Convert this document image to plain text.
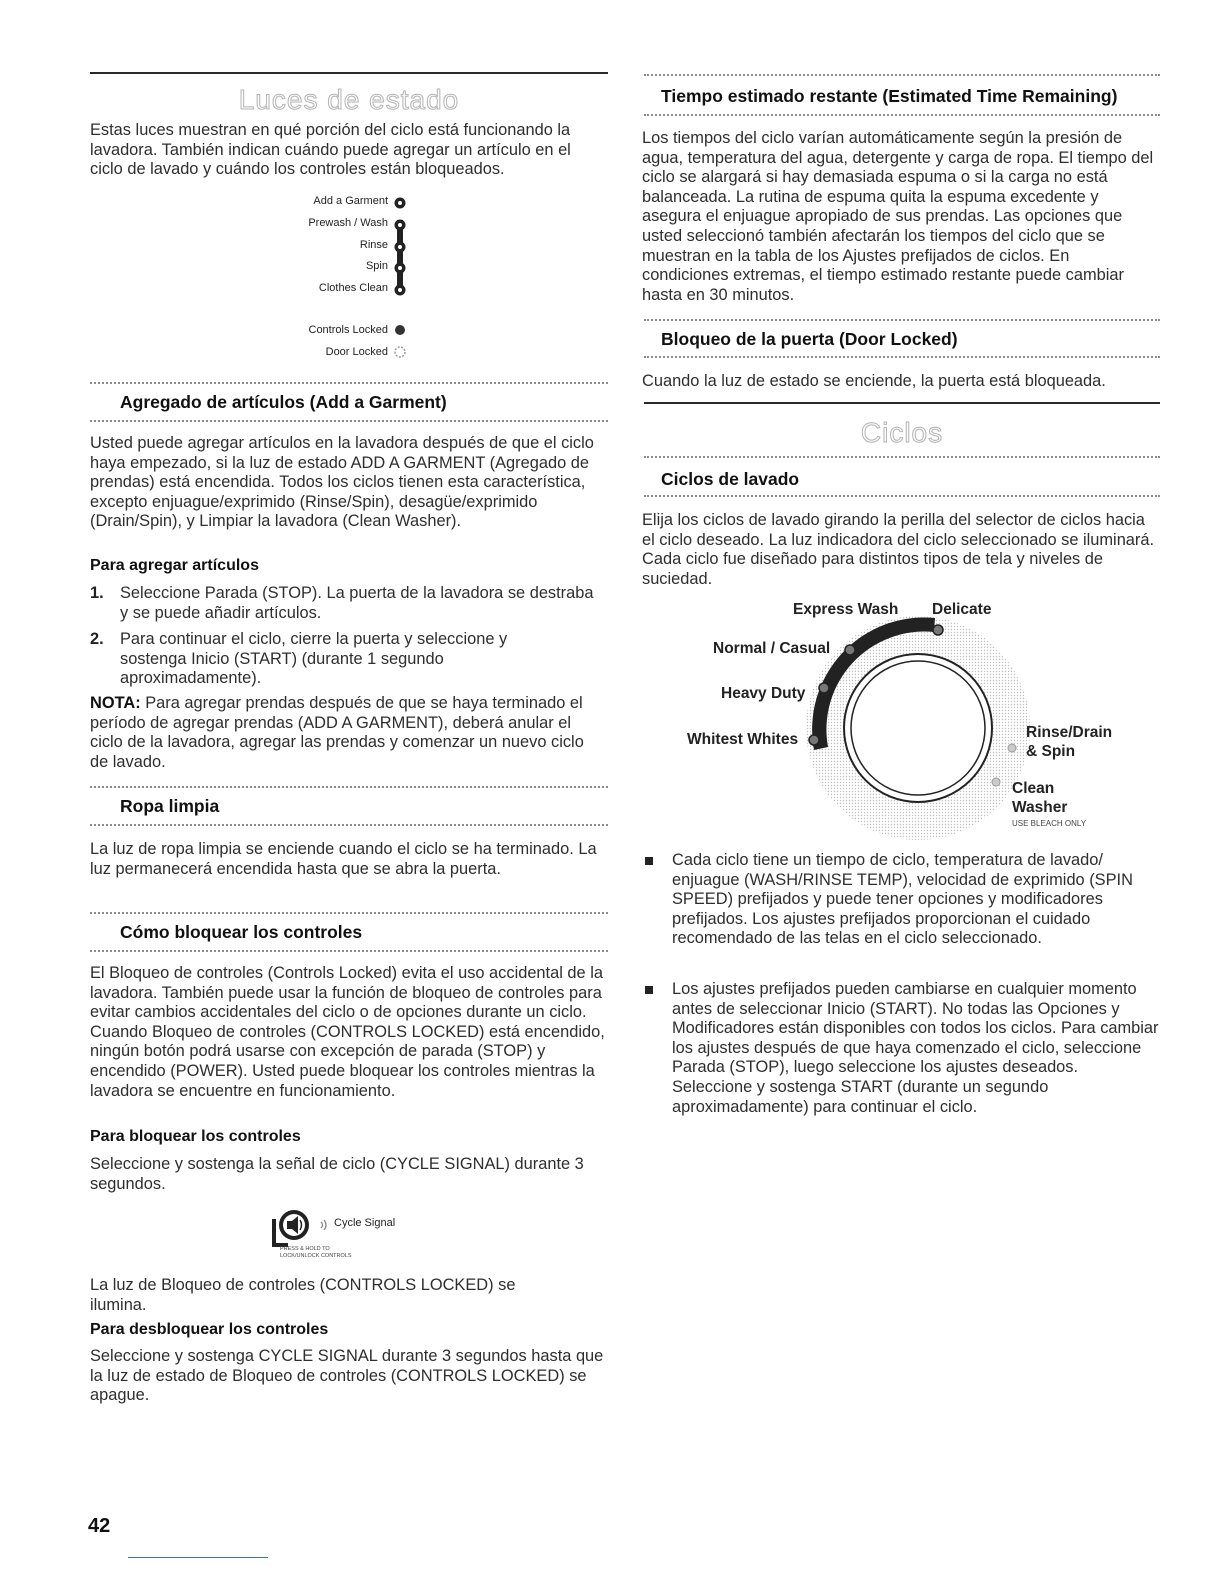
Luces de estado

Estas luces muestran en qué porción del ciclo está funcionando la lavadora. También indican cuándo puede agregar un artículo en el ciclo de lavado y cuándo los controles están bloqueados.

Add a Garment
Prewash / Wash
Rinse
Spin
Clothes Clean
Controls Locked
Door Locked
Agregado de artículos (Add a Garment)

Usted puede agregar artículos en la lavadora después de que el ciclo haya empezado, si la luz de estado ADD A GARMENT (Agregado de prendas) está encendida. Todos los ciclos tienen esta característica, excepto enjuague/exprimido (Rinse/Spin), desagüe/exprimido (Drain/Spin), y Limpiar la lavadora (Clean Washer).

Para agregar artículos
1. Seleccione Parada (STOP). La puerta de la lavadora se destraba y se puede añadir artículos.

2. Para continuar el ciclo, cierre la puerta y seleccione y sostenga Inicio (START) (durante 1 segundo aproximadamente).

NOTA: Para agregar prendas después de que se haya terminado el período de agregar prendas (ADD A GARMENT), deberá anular el ciclo de la lavadora, agregar las prendas y comenzar un nuevo ciclo de lavado.

Ropa limpia

La luz de ropa limpia se enciende cuando el ciclo se ha terminado. La luz permanecerá encendida hasta que se abra la puerta.

Cómo bloquear los controles

El Bloqueo de controles (Controls Locked) evita el uso accidental de la lavadora. También puede usar la función de bloqueo de controles para evitar cambios accidentales del ciclo o de opciones durante un ciclo. Cuando Bloqueo de controles (CONTROLS LOCKED) está encendido, ningún botón podrá usarse con excepción de parada (STOP) y encendido (POWER). Usted puede bloquear los controles mientras la lavadora se encuentre en funcionamiento.

Para bloquear los controles

Seleccione y sostenga la señal de ciclo (CYCLE SIGNAL) durante 3 segundos.

Cycle Signal
PRESS & HOLD TO LOCK/UNLOCK CONTROLS

La luz de Bloqueo de controles (CONTROLS LOCKED) se ilumina.

Para desbloquear los controles

Seleccione y sostenga CYCLE SIGNAL durante 3 segundos hasta que la luz de estado de Bloqueo de controles (CONTROLS LOCKED) se apague.

42
Tiempo estimado restante (Estimated Time Remaining)

Los tiempos del ciclo varían automáticamente según la presión de agua, temperatura del agua, detergente y carga de ropa. El tiempo del ciclo se alargará si hay demasiada espuma o si la carga no está balanceada. La rutina de espuma quita la espuma excedente y asegura el enjuague apropiado de sus prendas. Las opciones que usted seleccionó también afectarán los tiempos del ciclo que se muestran en la tabla de los Ajustes prefijados de ciclos. En condiciones extremas, el tiempo estimado restante puede cambiar hasta en 30 minutos.

Bloqueo de la puerta (Door Locked)

Cuando la luz de estado se enciende, la puerta está bloqueada.

Ciclos
Ciclos de lavado

Elija los ciclos de lavado girando la perilla del selector de ciclos hacia el ciclo deseado. La luz indicadora del ciclo seleccionado se iluminará. Cada ciclo fue diseñado para distintos tipos de tela y niveles de suciedad.

Express Wash Delicate
Normal / Casual
Heavy Duty
Whitest Whites	Rinse/Drain
& Spin
Clean
Washer
USE BLEACH ONLY

Cada ciclo tiene un tiempo de ciclo, temperatura de lavado/ enjuague (WASH/RINSE TEMP), velocidad de exprimido (SPIN SPEED) prefijados y puede tener opciones y modificadores prefijados. Los ajustes prefijados proporcionan el cuidado recomendado de las telas en el ciclo seleccionado.

Los ajustes prefijados pueden cambiarse en cualquier momento antes de seleccionar Inicio (START). No todas las Opciones y Modificadores están disponibles con todos los ciclos. Para cambiar los ajustes después de que haya comenzado el ciclo, seleccione Parada (STOP), luego seleccione los ajustes deseados. Seleccione y sostenga START (durante un segundo aproximadamente) para continuar el ciclo.
